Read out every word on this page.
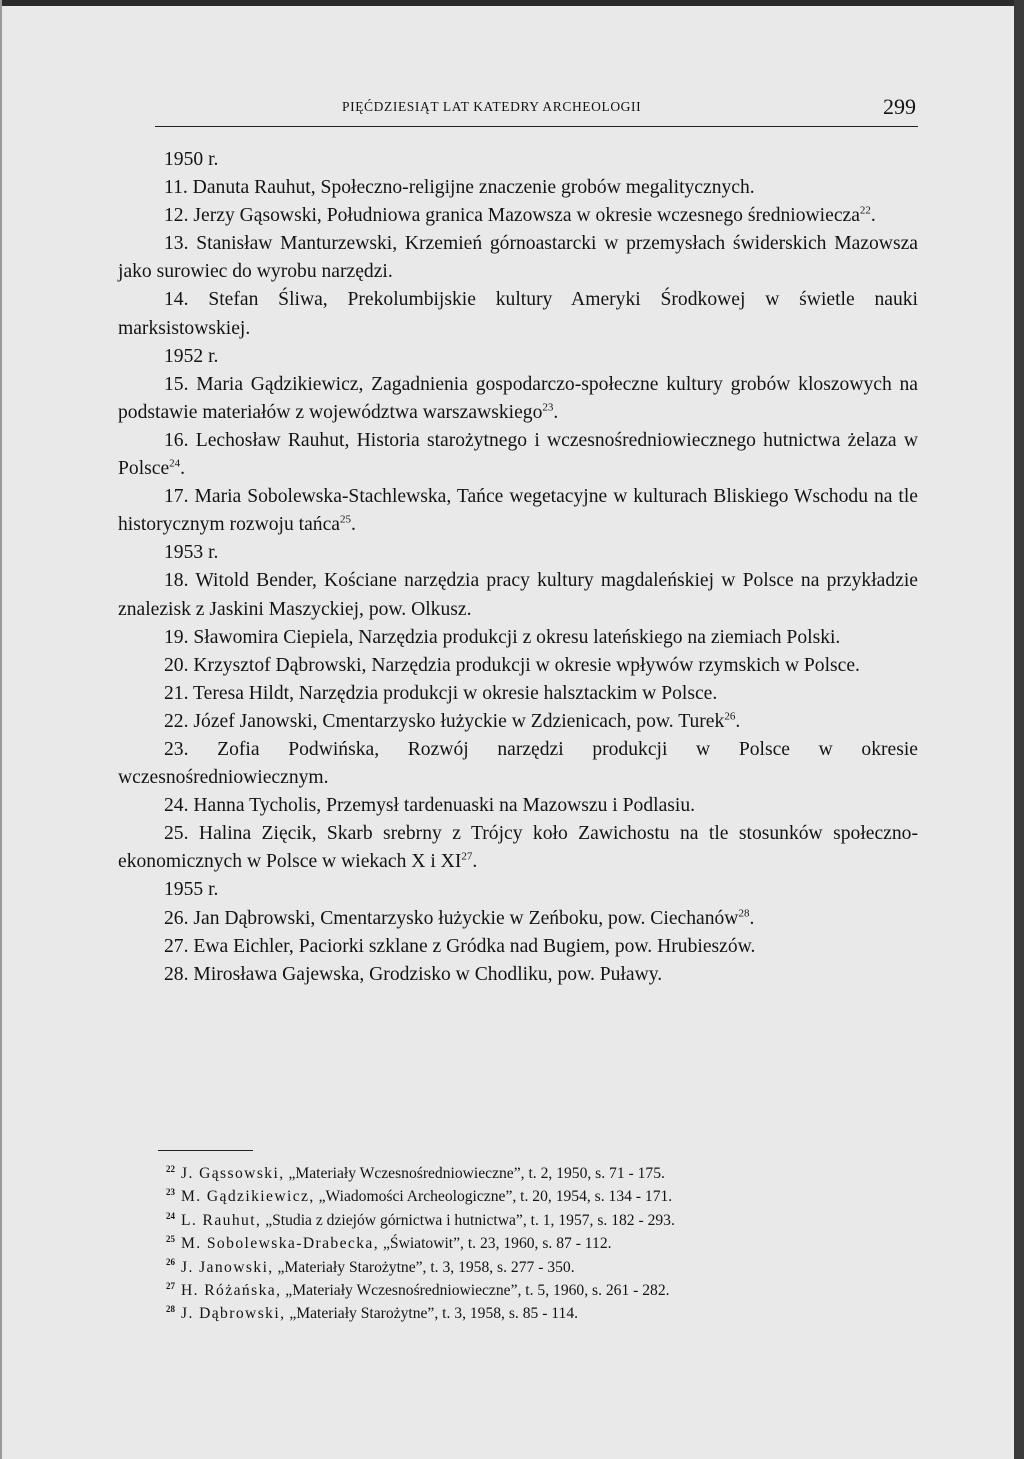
PIĘĆDZIESIĄT LAT KATEDRY ARCHEOLOGII	299

1950 r.

11. Danuta Rauhut, Społeczno-religijne znaczenie grobów megalitycznych.

12. Jerzy Gąsowski, Południowa granica Mazowsza w okresie wczesnego średniowiecza$^{22}$.

13. Stanisław Manturzewski, Krzemień górnoastarcki w przemysłach świderskich Mazowsza jako surowiec do wyrobu narzędzi.

14. Stefan Śliwa, Prekolumbijskie kultury Ameryki Środkowej w świetle nauki marksistowskiej.

1952 r.

15. Maria Gądzikiewicz, Zagadnienia gospodarczo-społeczne kultury grobów kloszowych na podstawie materiałów z województwa warszawskiego$^{23}$.

16. Lechosław Rauhut, Historia starożytnego i wczesnośredniowiecznego hutnictwa żelaza w Polsce$^{24}$.

17. Maria Sobolewska-Stachlewska, Tańce wegetacyjne w kulturach Bliskiego Wschodu na tle historycznym rozwoju tańca$^{25}$.

1953 r.

18. Witold Bender, Kościane narzędzia pracy kultury magdaleńskiej w Polsce na przykładzie znalezisk z Jaskini Maszyckiej, pow. Olkusz.

19. Sławomira Ciepiela, Narzędzia produkcji z okresu lateńskiego na ziemiach Polski.

20. Krzysztof Dąbrowski, Narzędzia produkcji w okresie wpływów rzymskich w Polsce.

21. Teresa Hildt, Narzędzia produkcji w okresie halsztackim w Polsce.

22. Józef Janowski, Cmentarzysko łużyckie w Zdzienicach, pow. Turek$^{26}$.

23. Zofia Podwińska, Rozwój narzędzi produkcji w Polsce w okresie wczesnośredniowiecznym.

24. Hanna Tycholis, Przemysł tardenuaski na Mazowszu i Podlasiu.

25. Halina Zięcik, Skarb srebrny z Trójcy koło Zawichostu na tle stosunków społeczno-ekonomicznych w Polsce w wiekach X i XI$^{27}$.

1955 r.

26. Jan Dąbrowski, Cmentarzysko łużyckie w Zeńboku, pow. Ciechanów$^{28}$.

27. Ewa Eichler, Paciorki szklane z Gródka nad Bugiem, pow. Hrubieszów.

28. Mirosława Gajewska, Grodzisko w Chodliku, pow. Puławy.

$^{22}$ J. Gąssowski, „Materiały Wczesnośredniowieczne”, t. 2, 1950, s. 71 - 175.

$^{23}$ M. Gądzikiewicz, „Wiadomości Archeologiczne”, t. 20, 1954, s. 134 - 171.

$^{24}$ L. Rauhut, „Studia z dziejów górnictwa i hutnictwa”, t. 1, 1957, s. 182 - 293.

$^{25}$ M. Sobolewska-Drabecka, „Światowit”, t. 23, 1960, s. 87 - 112.

$^{26}$ J. Janowski, „Materiały Starożytne”, t. 3, 1958, s. 277 - 350.

$^{27}$ H. Różańska, „Materiały Wczesnośredniowieczne”, t. 5, 1960, s. 261 - 282.

$^{28}$ J. Dąbrowski, „Materiały Starożytne”, t. 3, 1958, s. 85 - 114.
